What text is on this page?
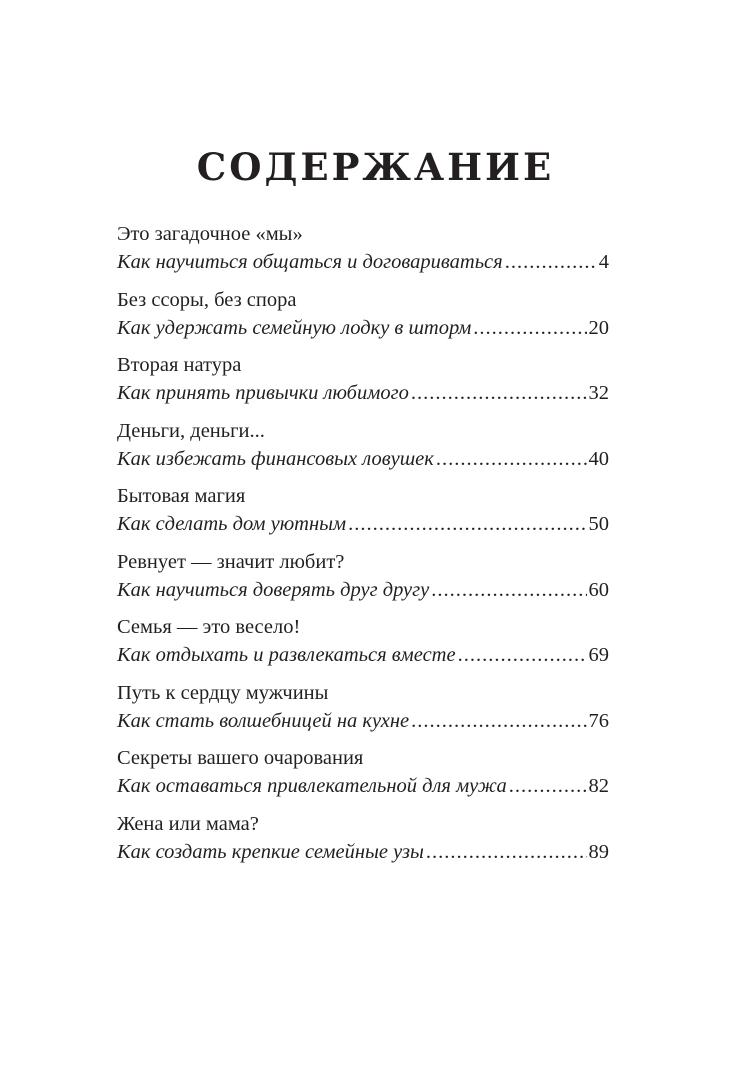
СОДЕРЖАНИЕ
Это загадочное «мы»
Как научиться общаться и договариваться .....	4
Без ссоры, без спора
Как удержать семейную лодку в шторм .....	20
Вторая натура
Как принять привычки любимого .....	32
Деньги, деньги...
Как избежать финансовых ловушек .....	40
Бытовая магия
Как сделать дом уютным .....	50
Ревнует — значит любит?
Как научиться доверять друг другу .....	60
Семья — это весело!
Как отдыхать и развлекаться вместе .....	69
Путь к сердцу мужчины
Как стать волшебницей на кухне .....	76
Секреты вашего очарования
Как оставаться привлекательной для мужа .....	82
Жена или мама?
Как создать крепкие семейные узы .....	89
